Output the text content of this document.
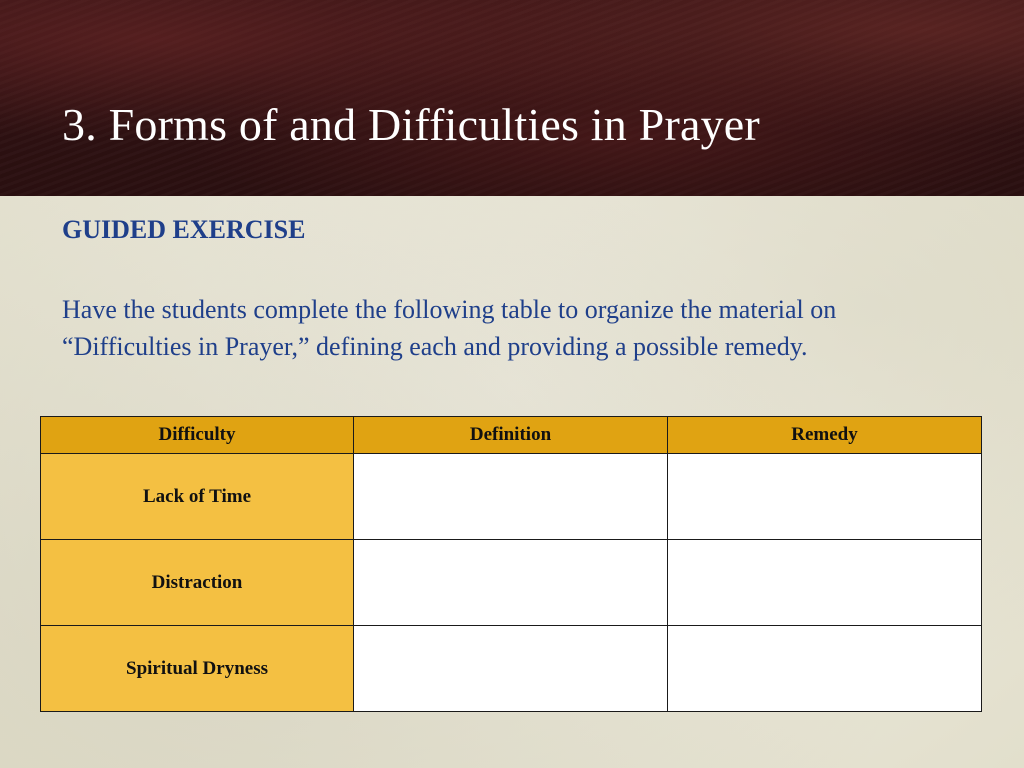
3. Forms of and Difficulties in Prayer
GUIDED EXERCISE

Have the students complete the following table to organize the material on “Difficulties in Prayer,” defining each and providing a possible remedy.

Difficulty	Definition	Remedy
Lack of Time		
Distraction		
Spiritual Dryness		
